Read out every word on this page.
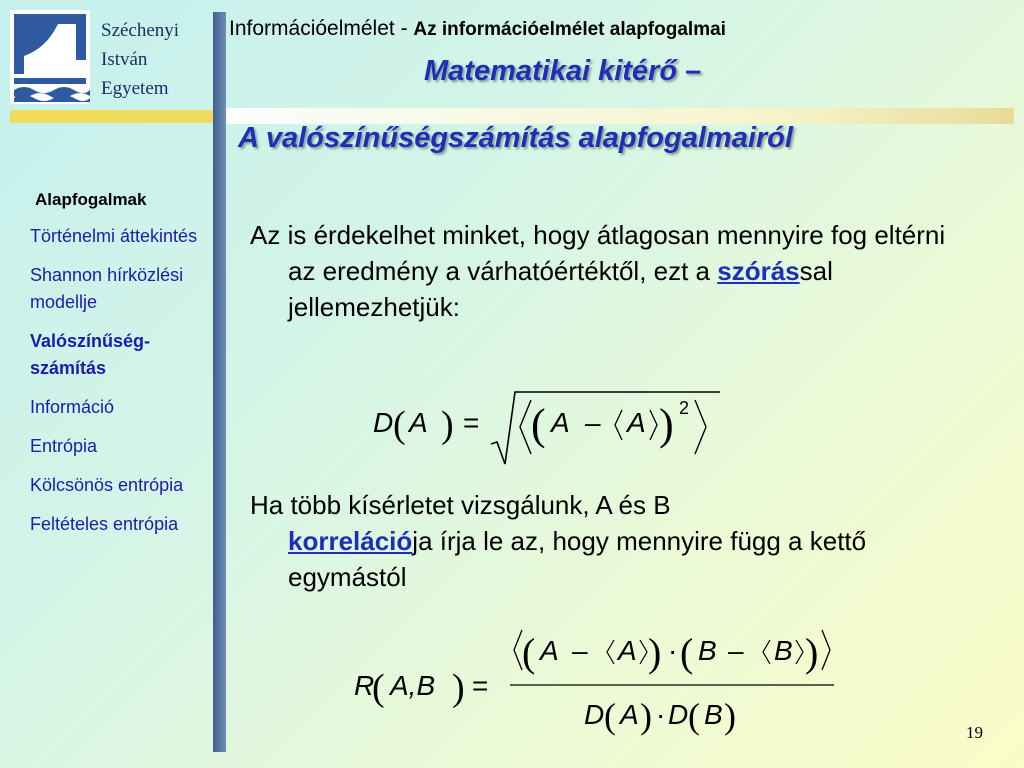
Széchenyi
István
Egyetem
Információelmélet - Az információelmélet alapfogalmai
Matematikai kitérő –
A valószínűségszámítás alapfogalmairól
Alapfogalmak
Történelmi áttekintés
Shannon hírközlési modellje
Valószínűség-számítás
Információ
Entrópia
Kölcsönös entrópia
Feltételes entrópia
Az is érdekelhet minket, hogy átlagosan mennyire fog eltérni az eredmény a várhatóértéktől, ezt a szórással jellemezhetjük:
D ( A ) = ( A – A ) 2
Ha több kísérletet vizsgálunk, A és B
korrelációja írja le az, hogy mennyire függ a kettő egymástól
R
( A,B ) =
( A – A ) · ( B – B )
D ( A ) · D ( B )	19
